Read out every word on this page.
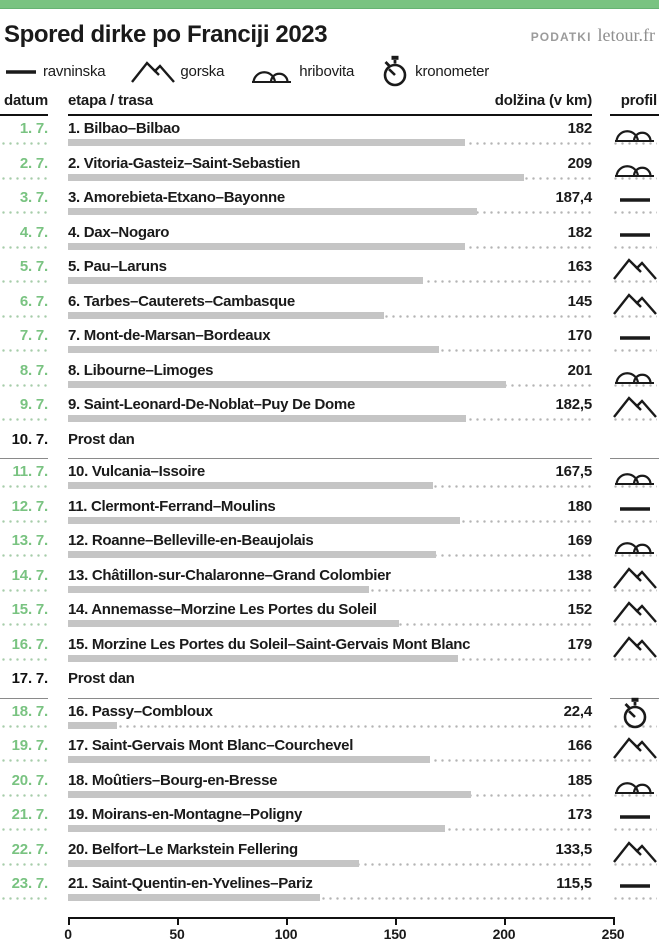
Spored dirke po Franciji 2023	PODATKI letour.fr
ravninska	gorska	hribovita	kronometer
datum etapa / trasa	dolžina (v km)	profil
1. 7. 1. Bilbao–Bilbao	182
2. 7. 2. Vitoria-Gasteiz–Saint-Sebastien	209
3. 7. 3. Amorebieta-Etxano–Bayonne	187,4
4. 7. 4. Dax–Nogaro	182
5. 7. 5. Pau–Laruns	163
6. 7. 6. Tarbes–Cauterets–Cambasque	145
7. 7. 7. Mont-de-Marsan–Bordeaux	170
8. 7. 8. Libourne–Limoges	201
9. 7. 9. Saint-Leonard-De-Noblat–Puy De Dome	182,5
10. 7. Prost dan
11. 7. 10. Vulcania–Issoire	167,5
12. 7. 11. Clermont-Ferrand–Moulins	180
13. 7. 12. Roanne–Belleville-en-Beaujolais	169
14. 7. 13. Châtillon-sur-Chalaronne–Grand Colombier	138
15. 7. 14. Annemasse–Morzine Les Portes du Soleil	152
16. 7. 15. Morzine Les Portes du Soleil–Saint-Gervais Mont Blanc	179
17. 7. Prost dan
18. 7. 16. Passy–Combloux	22,4
19. 7. 17. Saint-Gervais Mont Blanc–Courchevel	166
20. 7. 18. Moûtiers–Bourg-en-Bresse	185
21. 7. 19. Moirans-en-Montagne–Poligny	173
22. 7. 20. Belfort–Le Markstein Fellering	133,5
23. 7. 21. Saint-Quentin-en-Yvelines–Pariz	115,5
0	50	100	150	200	250
